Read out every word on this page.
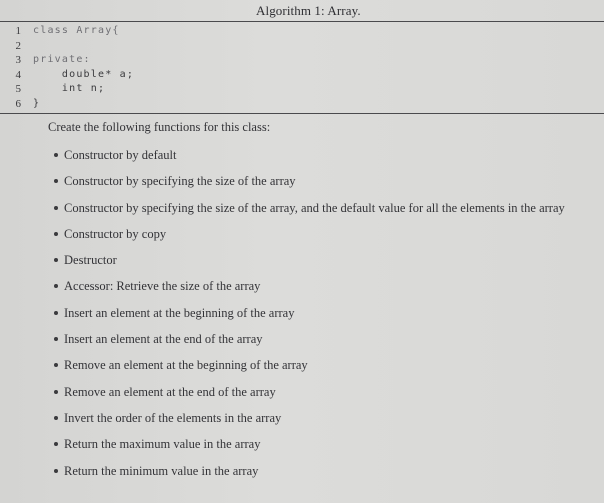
Algorithm 1: Array.
1 class Array{
2
3 private:
4 double* a;
5 int n;
6 }
Create the following functions for this class:
Constructor by default
Constructor by specifying the size of the array
Constructor by specifying the size of the array, and the default value for all the elements in the array
Constructor by copy
Destructor
Accessor: Retrieve the size of the array
Insert an element at the beginning of the array
Insert an element at the end of the array
Remove an element at the beginning of the array
Remove an element at the end of the array
Invert the order of the elements in the array
Return the maximum value in the array
Return the minimum value in the array
